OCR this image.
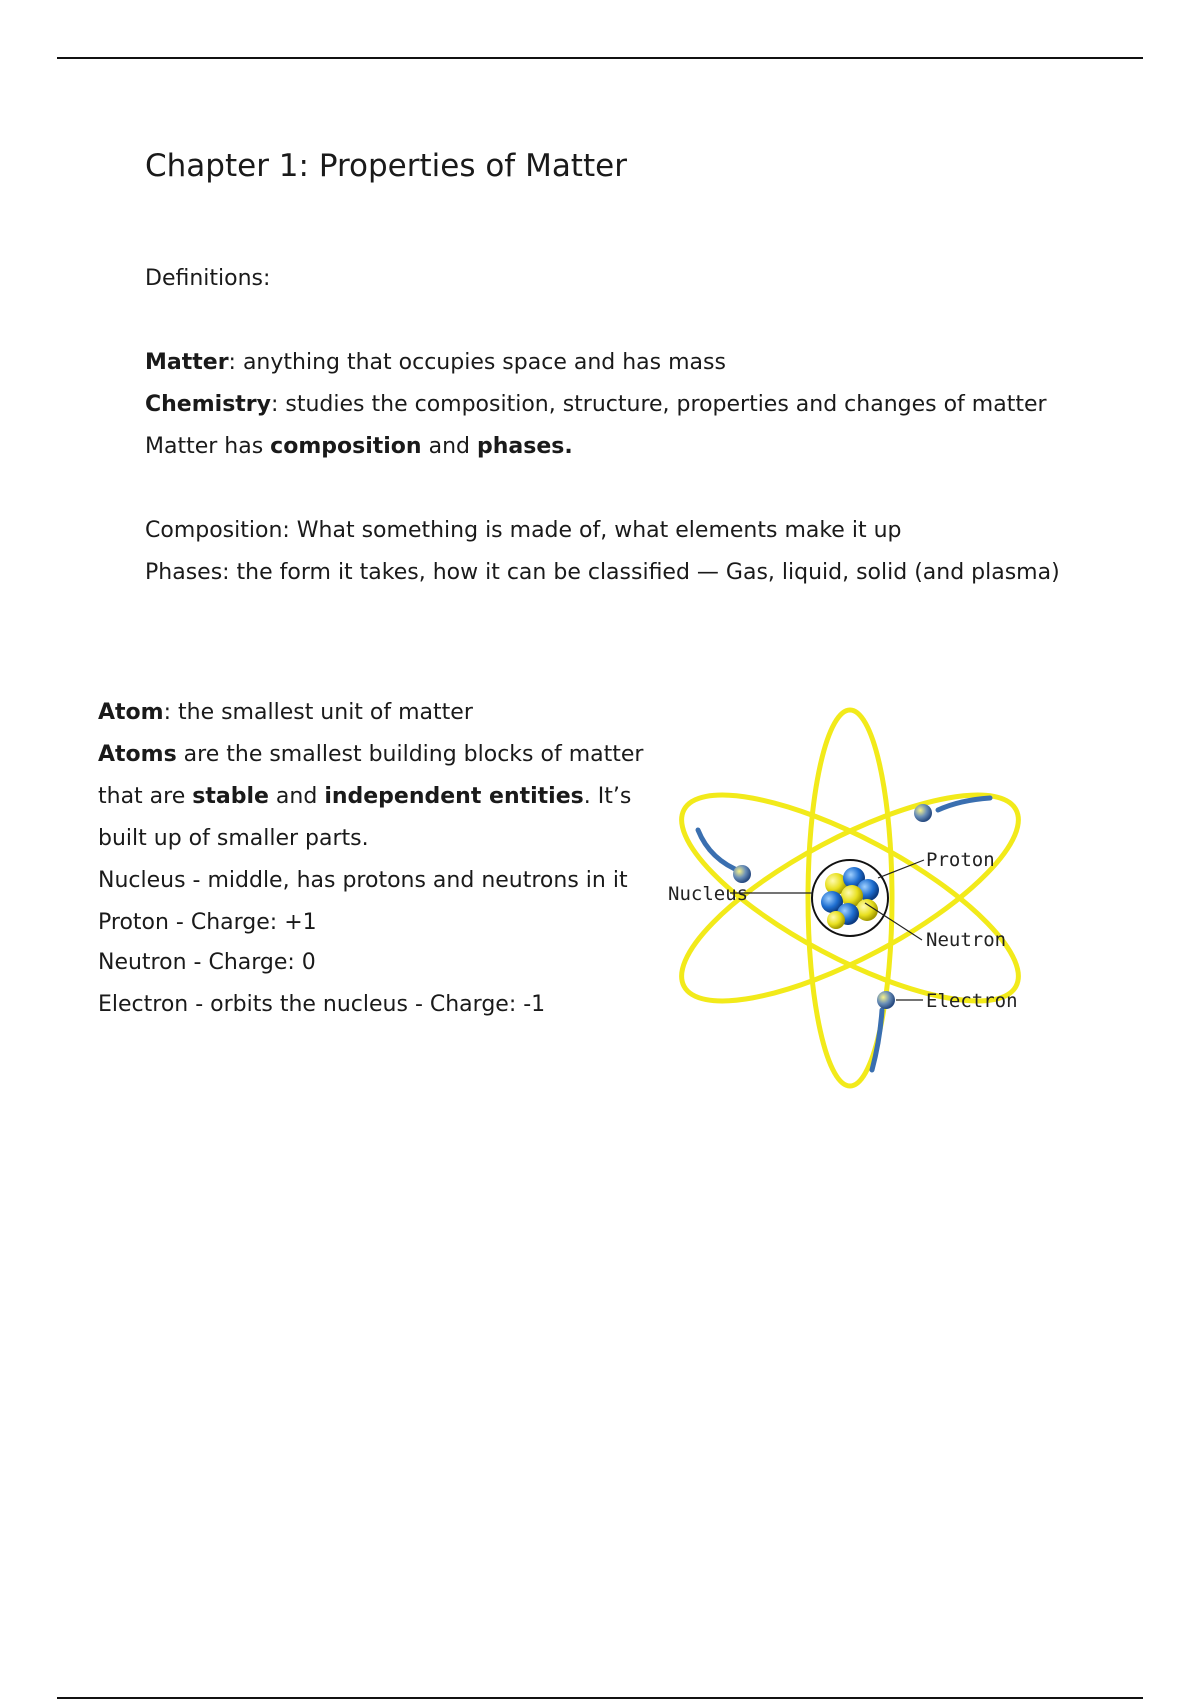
Chapter 1: Properties of Matter

Definitions:

Matter: anything that occupies space and has mass

Chemistry: studies the composition, structure, properties and changes of matter

Matter has composition and phases.

Composition: What something is made of, what elements make it up

Phases: the form it takes, how it can be classified — Gas, liquid, solid (and plasma)

Atom: the smallest unit of matter

Atoms are the smallest building blocks of matter

that are stable and independent entities. It’s

built up of smaller parts.

Nucleus - middle, has protons and neutrons in it

Proton - Charge: +1

Neutron - Charge: 0

Electron - orbits the nucleus - Charge: -1

Nucleus
Proton
Neutron
Electron
